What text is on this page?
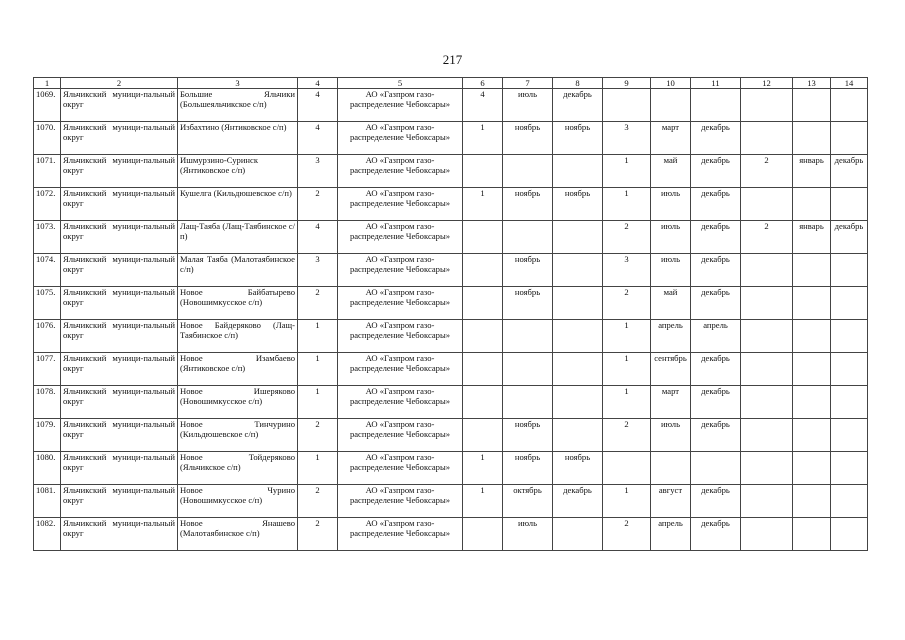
217
1	2	3	4	5	6	7	8	9	10	11	12	13	14
1069.	Яльчикский муници-пальный округ	Большие Яльчики (Большеяльчикское с/п)	4	АО «Газпром газо-распределение Чебоксары»	4	июль	декабрь						
1070.	Яльчикский муници-пальный округ	Избахтино (Янтиковское с/п)	4	АО «Газпром газо-распределение Чебоксары»	1	ноябрь	ноябрь	3	март	декабрь			
1071.	Яльчикский муници-пальный округ	Ишмурзино-Суринск (Янтиковское с/п)	3	АО «Газпром газо-распределение Чебоксары»				1	май	декабрь	2	январь	декабрь
1072.	Яльчикский муници-пальный округ	Кушелга (Кильдюшевское с/п)	2	АО «Газпром газо-распределение Чебоксары»	1	ноябрь	ноябрь	1	июль	декабрь			
1073.	Яльчикский муници-пальный округ	Лащ-Таяба (Лащ-Таябинское с/п)	4	АО «Газпром газо-распределение Чебоксары»				2	июль	декабрь	2	январь	декабрь
1074.	Яльчикский муници-пальный округ	Малая Таяба (Малотаябинское с/п)	3	АО «Газпром газо-распределение Чебоксары»		ноябрь		3	июль	декабрь			
1075.	Яльчикский муници-пальный округ	Новое Байбатырево (Новошимкусское с/п)	2	АО «Газпром газо-распределение Чебоксары»		ноябрь		2	май	декабрь			
1076.	Яльчикский муници-пальный округ	Новое Байдеряково (Лащ-Таябинское с/п)	1	АО «Газпром газо-распределение Чебоксары»				1	апрель	апрель			
1077.	Яльчикский муници-пальный округ	Новое Изамбаево (Янтиковское с/п)	1	АО «Газпром газо-распределение Чебоксары»				1	сентябрь	декабрь			
1078.	Яльчикский муници-пальный округ	Новое Ишеряково (Новошимкусское с/п)	1	АО «Газпром газо-распределение Чебоксары»				1	март	декабрь			
1079.	Яльчикский муници-пальный округ	Новое Тинчурино (Кильдюшевское с/п)	2	АО «Газпром газо-распределение Чебоксары»		ноябрь		2	июль	декабрь			
1080.	Яльчикский муници-пальный округ	Новое Тойдеряково (Яльчикское с/п)	1	АО «Газпром газо-распределение Чебоксары»	1	ноябрь	ноябрь						
1081.	Яльчикский муници-пальный округ	Новое Чурино (Новошимкусское с/п)	2	АО «Газпром газо-распределение Чебоксары»	1	октябрь	декабрь	1	август	декабрь			
1082.	Яльчикский муници-пальный округ	Новое Янашево (Малотаябинское с/п)	2	АО «Газпром газо-распределение Чебоксары»		июль		2	апрель	декабрь			
